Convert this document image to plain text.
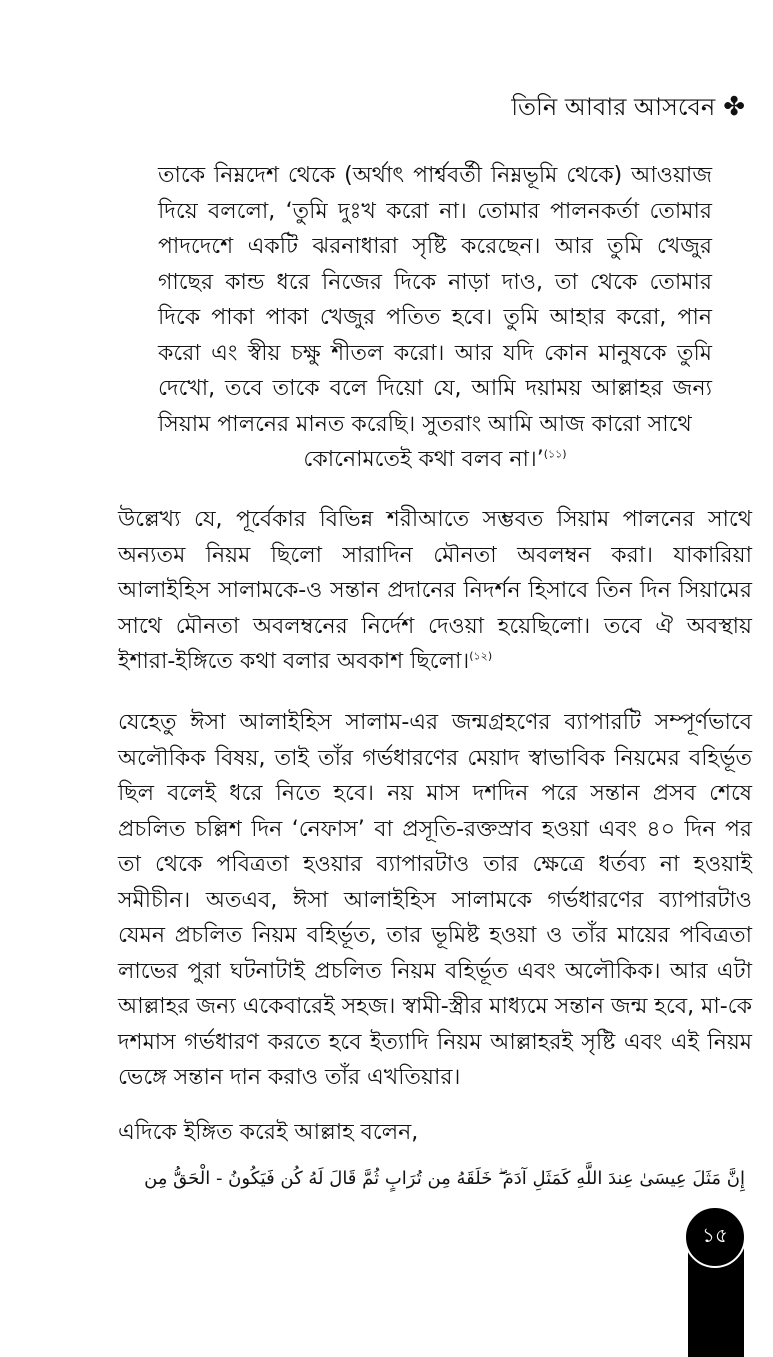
তিনি আবার আসবেন ✤

তাকে নিম্নদেশ থেকে (অর্থাৎ পার্শ্ববর্তী নিম্নভূমি থেকে) আওয়াজ দিয়ে বললো, ‘তুমি দুঃখ করো না। তোমার পালনকর্তা তোমার পাদদেশে একটি ঝরনাধারা সৃষ্টি করেছেন। আর তুমি খেজুর গাছের কান্ড ধরে নিজের দিকে নাড়া দাও, তা থেকে তোমার দিকে পাকা পাকা খেজুর পতিত হবে। তুমি আহার করো, পান করো এং স্বীয় চক্ষু শীতল করো। আর যদি কোন মানুষকে তুমি দেখো, তবে তাকে বলে দিয়ো যে, আমি দয়াময় আল্লাহর জন্য সিয়াম পালনের মানত করেছি। সুতরাং আমি আজ কারো সাথে
কোনোমতেই কথা বলব না।’$^{(১১)}$

উল্লেখ্য যে, পূর্বেকার বিভিন্ন শরীআতে সম্ভবত সিয়াম পালনের সাথে অন্যতম নিয়ম ছিলো সারাদিন মৌনতা অবলম্বন করা। যাকারিয়া আলাইহিস সালামকে-ও সন্তান প্রদানের নিদর্শন হিসাবে তিন দিন সিয়ামের সাথে মৌনতা অবলম্বনের নির্দেশ দেওয়া হয়েছিলো। তবে ঐ অবস্থায় ইশারা-ইঙ্গিতে কথা বলার অবকাশ ছিলো।$^{(১২)}$

যেহেতু ঈসা আলাইহিস সালাম-এর জন্মগ্রহণের ব্যাপারটি সম্পূর্ণভাবে অলৌকিক বিষয়, তাই তাঁর গর্ভধারণের মেয়াদ স্বাভাবিক নিয়মের বহির্ভূত ছিল বলেই ধরে নিতে হবে। নয় মাস দশদিন পরে সন্তান প্রসব শেষে প্রচলিত চল্লিশ দিন ‘নেফাস’ বা প্রসূতি-রক্তস্রাব হওয়া এবং ৪০ দিন পর তা থেকে পবিত্রতা হওয়ার ব্যাপারটাও তার ক্ষেত্রে ধর্তব্য না হওয়াই সমীচীন। অতএব, ঈসা আলাইহিস সালামকে গর্ভধারণের ব্যাপারটাও যেমন প্রচলিত নিয়ম বহির্ভূত, তার ভূমিষ্ট হওয়া ও তাঁর মায়ের পবিত্রতা লাভের পুরা ঘটনাটাই প্রচলিত নিয়ম বহির্ভূত এবং অলৌকিক। আর এটা আল্লাহর জন্য একেবারেই সহজ। স্বামী-স্ত্রীর মাধ্যমে সন্তান জন্ম হবে, মা-কে দশমাস গর্ভধারণ করতে হবে ইত্যাদি নিয়ম আল্লাহরই সৃষ্টি এবং এই নিয়ম ভেঙ্গে সন্তান দান করাও তাঁর এখতিয়ার।

এদিকে ইঙ্গিত করেই আল্লাহ বলেন,

إِنَّ مَثَلَ عِيسَىٰ عِندَ اللَّهِ كَمَثَلِ آدَمَ ۖ خَلَقَهُ مِن تُرَابٍ ثُمَّ قَالَ لَهُ كُن فَيَكُونُ - الْحَقُّ مِن
১৫
